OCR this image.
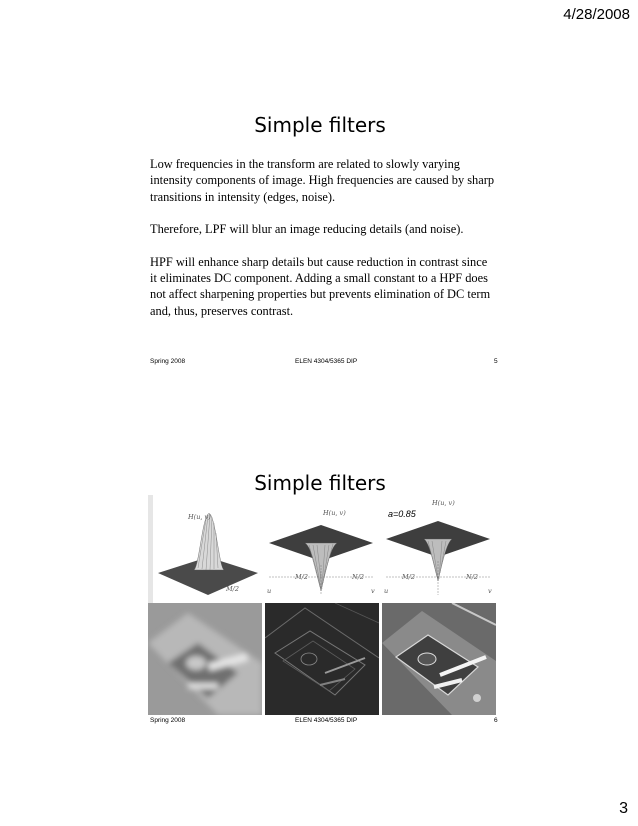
4/28/2008
Simple filters

Low frequencies in the transform are related to slowly varying intensity components of image. High frequencies are caused by sharp transitions in intensity (edges, noise).

Therefore, LPF will blur an image reducing details (and noise).

HPF will enhance sharp details but cause reduction in contrast since it eliminates DC component. Adding a small constant to a HPF does not affect sharpening properties but prevents elimination of DC term and, thus, preserves contrast.

Spring 2008	ELEN 4304/5365 DIP	5
Simple filters
H(u, v)
M/2
H(u, v)
M/2	N/2
u	v
a=0.85
H(u, v)
M/2	N/2
u	v
Spring 2008	ELEN 4304/5365 DIP	6
3
